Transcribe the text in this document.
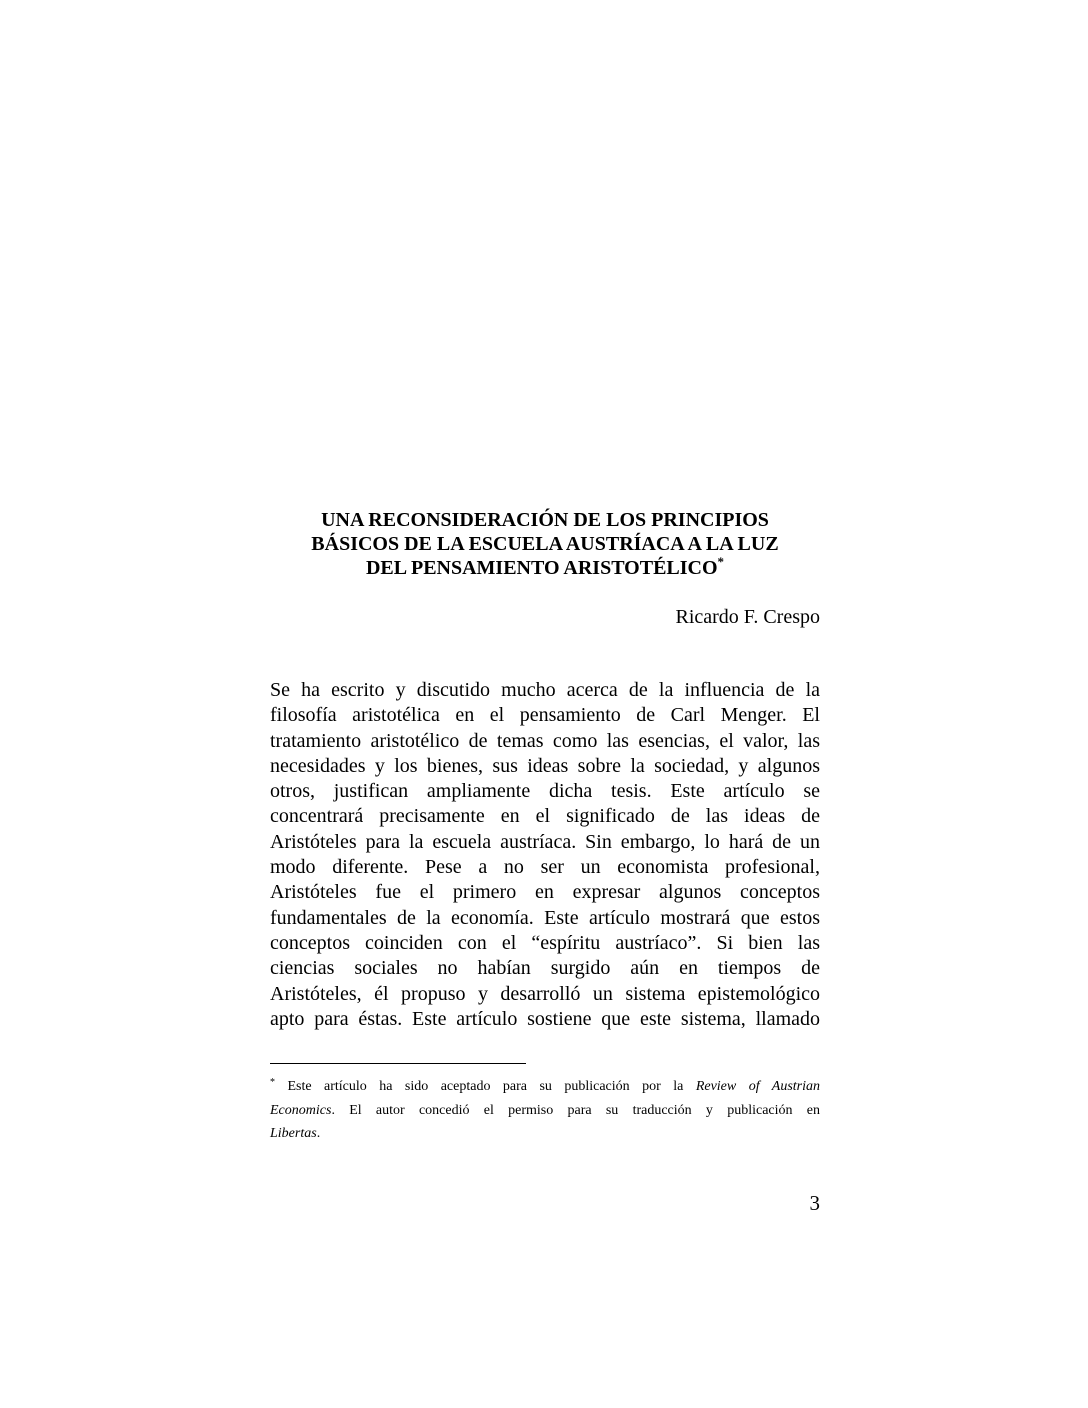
UNA RECONSIDERACIÓN DE LOS PRINCIPIOS
BÁSICOS DE LA ESCUELA AUSTRÍACA A LA LUZ
DEL PENSAMIENTO ARISTOTÉLICO*
Ricardo F. Crespo
Se ha escrito y discutido mucho acerca de la influencia de la
filosofía aristotélica en el pensamiento de Carl Menger. El
tratamiento aristotélico de temas como las esencias, el valor, las
necesidades y los bienes, sus ideas sobre la sociedad, y algunos
otros, justifican ampliamente dicha tesis. Este artículo se
concentrará precisamente en el significado de las ideas de
Aristóteles para la escuela austríaca. Sin embargo, lo hará de un
modo diferente. Pese a no ser un economista profesional,
Aristóteles fue el primero en expresar algunos conceptos
fundamentales de la economía. Este artículo mostrará que estos
conceptos coinciden con el “espíritu austríaco”. Si bien las
ciencias sociales no habían surgido aún en tiempos de
Aristóteles, él propuso y desarrolló un sistema epistemológico
apto para éstas. Este artículo sostiene que este sistema, llamado
* Este artículo ha sido aceptado para su publicación por la Review of Austrian
Economics. El autor concedió el permiso para su traducción y publicación en
Libertas.
3
